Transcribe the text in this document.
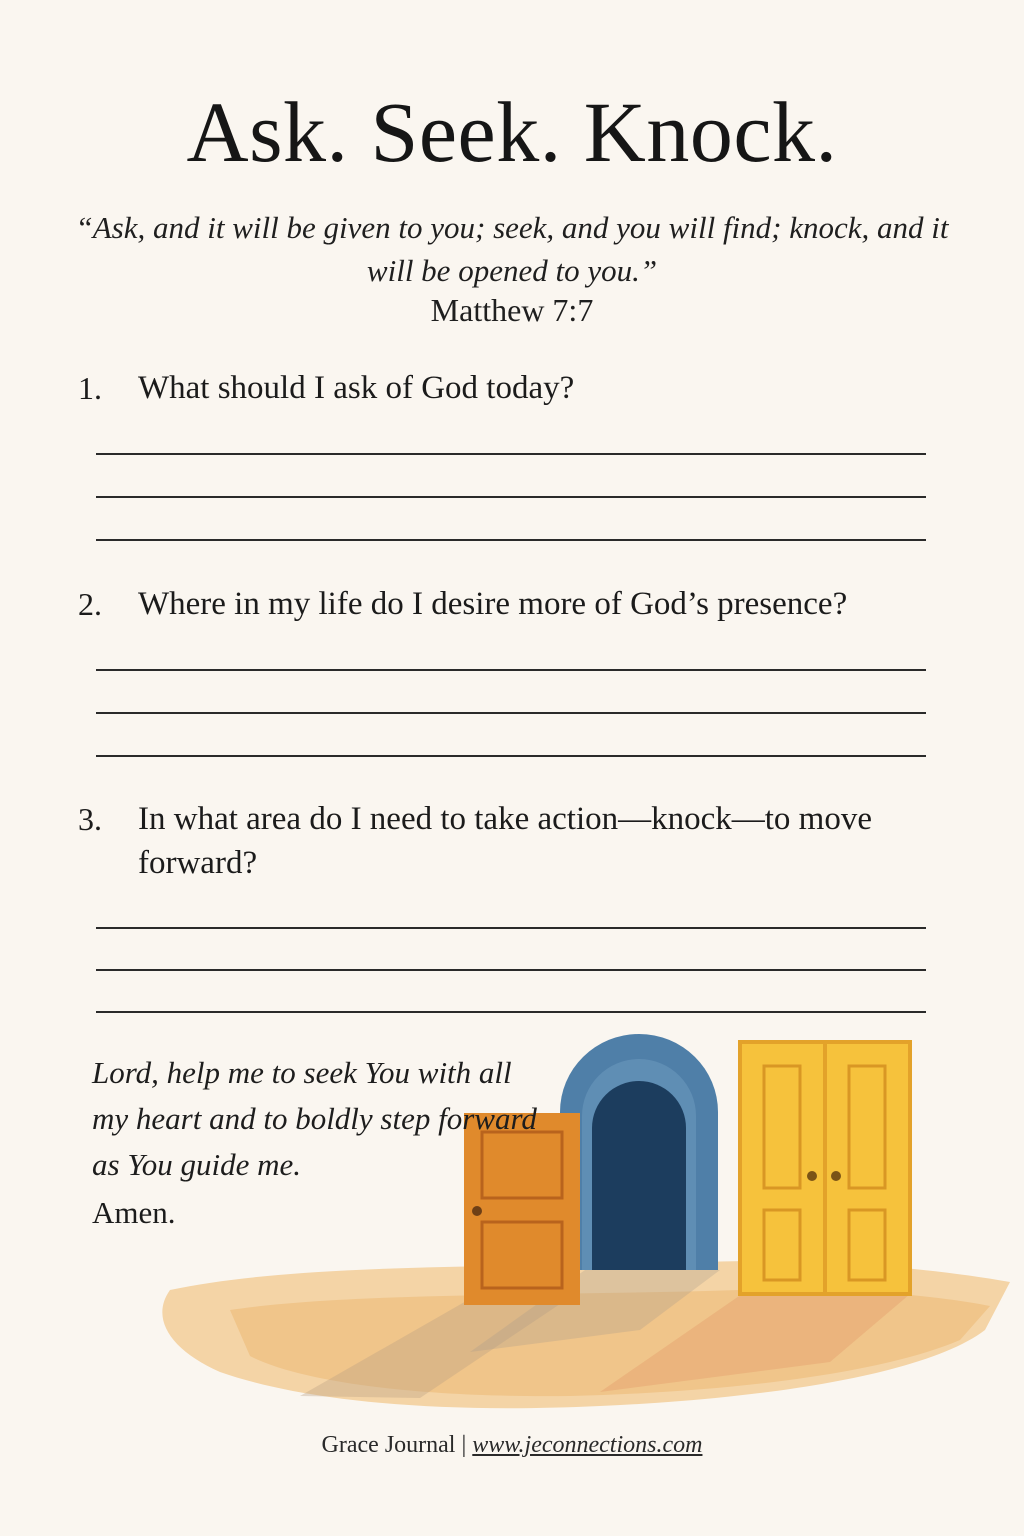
Ask. Seek. Knock.
“Ask, and it will be given to you; seek, and you will find; knock, and it will be opened to you.”
Matthew 7:7
1. What should I ask of God today?
2. Where in my life do I desire more of God’s presence?
3. In what area do I need to take action—knock—to move forward?
Lord, help me to seek You with all my heart and to boldly step forward as You guide me.
Amen.
Grace Journal | www.jeconnections.com
